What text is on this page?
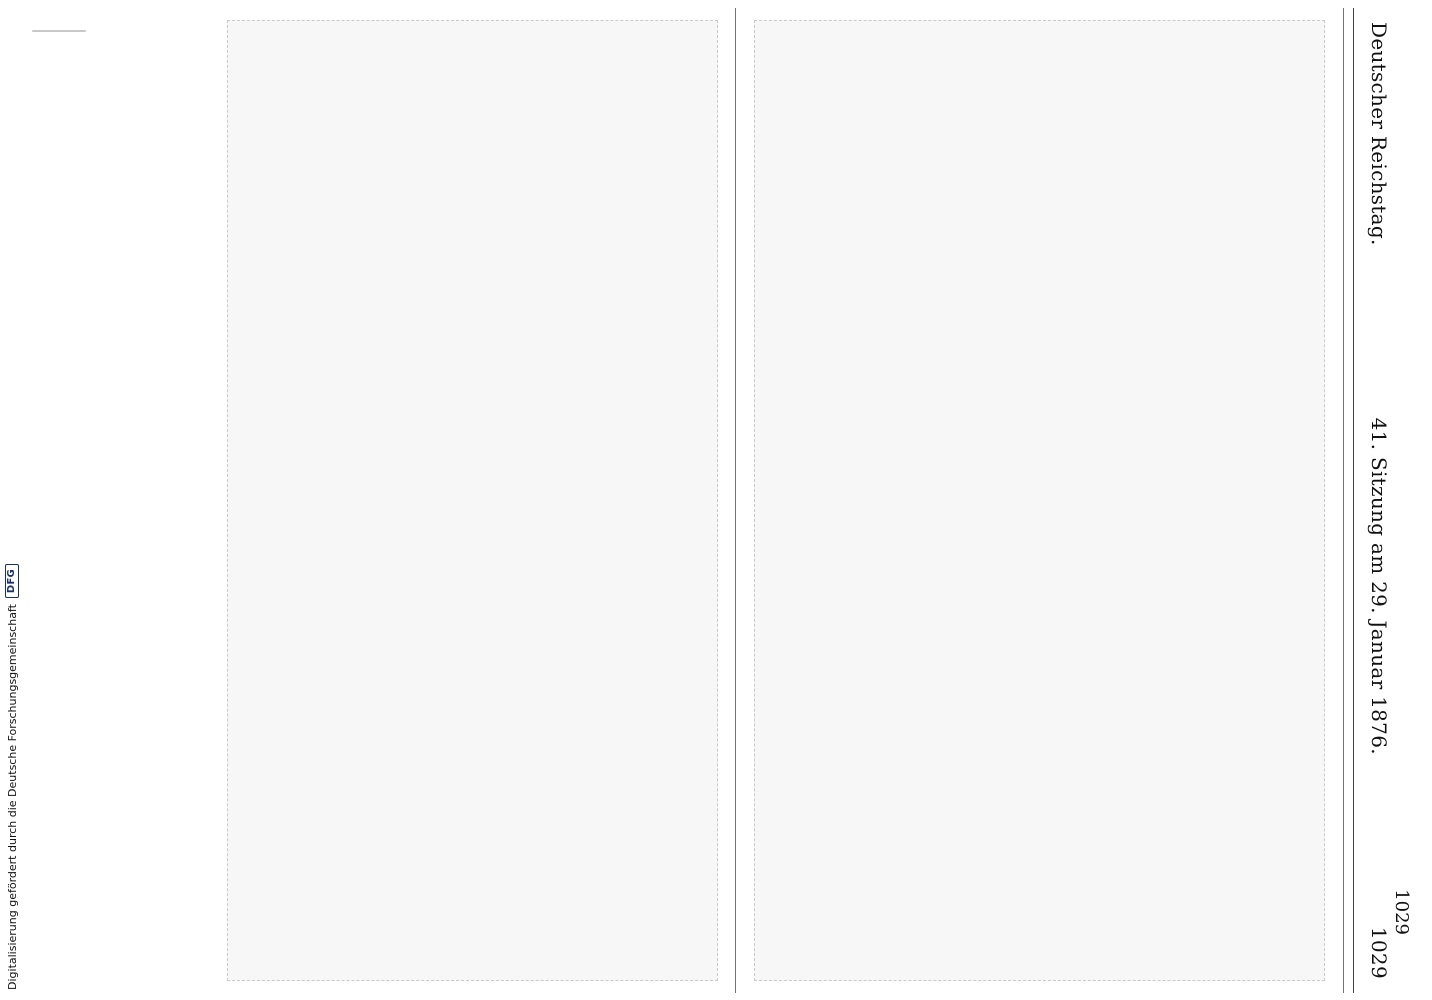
Digitalisierung gefördert durch die Deutsche Forschungsgemeinschaft
DFG
Deutscher Reichstag.
41. Sitzung am 29. Januar 1876.
1029
1029
